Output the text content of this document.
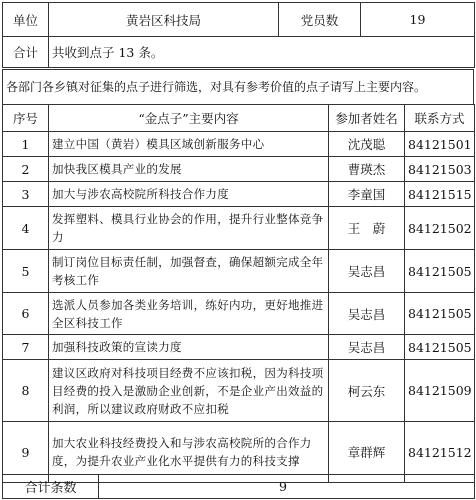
单位	黄岩区科技局	党员数	19
合计	共收到点子 13 条。		
各部门各乡镇对征集的点子进行筛选，对具有参考价值的点子请写上主要内容。
序号	“金点子”主要内容	参加者姓名	联系方式
1	建立中国（黄岩）模具区域创新服务中心	沈茂聪	84121501
2	加快我区模具产业的发展	曹瑛杰	84121503
3	加大与涉农高校院所科技合作力度	李童国	84121515
4	发挥塑料、模具行业协会的作用，提升行业整体竞争力	王　蔚	84121502
5	制订岗位目标责任制，加强督查，确保超额完成全年考核工作	吴志昌	84121505
6	选派人员参加各类业务培训，练好内功，更好地推进全区科技工作	吴志昌	84121505
7	加强科技政策的宣读力度	吴志昌	84121505
8	建议区政府对科技项目经费不应该扣税，因为科技项目经费的投入是激励企业创新，不是企业产出效益的利润，所以建议政府财政不应扣税	柯云东	84121509
9	加大农业科技经费投入和与涉农高校院所的合作力度，为提升农业产业化水平提供有力的科技支撑	章群辉	84121512
合计条数	9
